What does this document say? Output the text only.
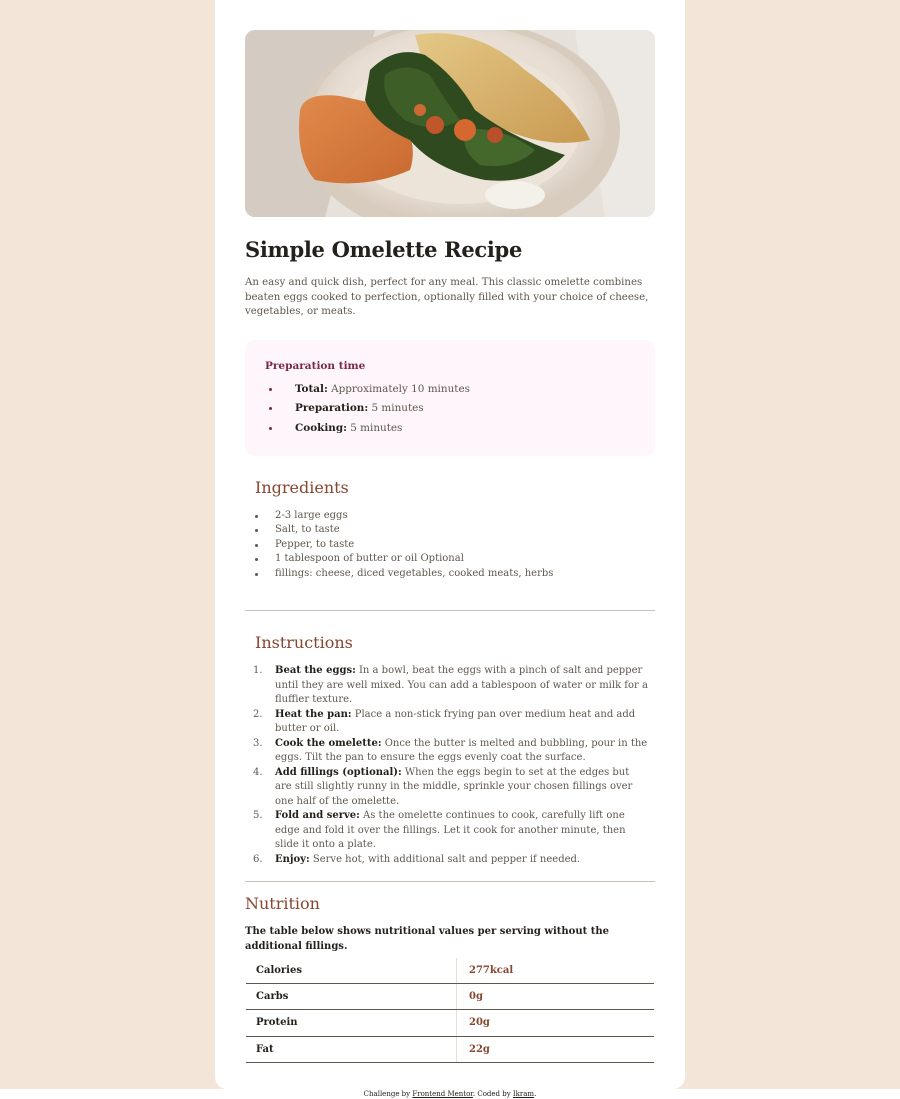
Simple Omelette Recipe

An easy and quick dish, perfect for any meal. This classic omelette combines beaten eggs cooked to perfection, optionally filled with your choice of cheese, vegetables, or meats.

Preparation time
Total: Approximately 10 minutes
Preparation: 5 minutes
Cooking: 5 minutes
Ingredients
2-3 large eggs
Salt, to taste
Pepper, to taste
1 tablespoon of butter or oil Optional
fillings: cheese, diced vegetables, cooked meats, herbs
Instructions
1. Beat the eggs: In a bowl, beat the eggs with a pinch of salt and pepper until they are well mixed. You can add a tablespoon of water or milk for a fluffier texture.
2. Heat the pan: Place a non-stick frying pan over medium heat and add butter or oil.
3. Cook the omelette: Once the butter is melted and bubbling, pour in the eggs. Tilt the pan to ensure the eggs evenly coat the surface.
4. Add fillings (optional): When the eggs begin to set at the edges but are still slightly runny in the middle, sprinkle your chosen fillings over one half of the omelette.
5. Fold and serve: As the omelette continues to cook, carefully lift one edge and fold it over the fillings. Let it cook for another minute, then slide it onto a plate.
6. Enjoy: Serve hot, with additional salt and pepper if needed.
Nutrition

The table below shows nutritional values per serving without the additional fillings.

Calories	277kcal
Carbs	0g
Protein	20g
Fat	22g
Challenge by Frontend Mentor. Coded by Ikram.
